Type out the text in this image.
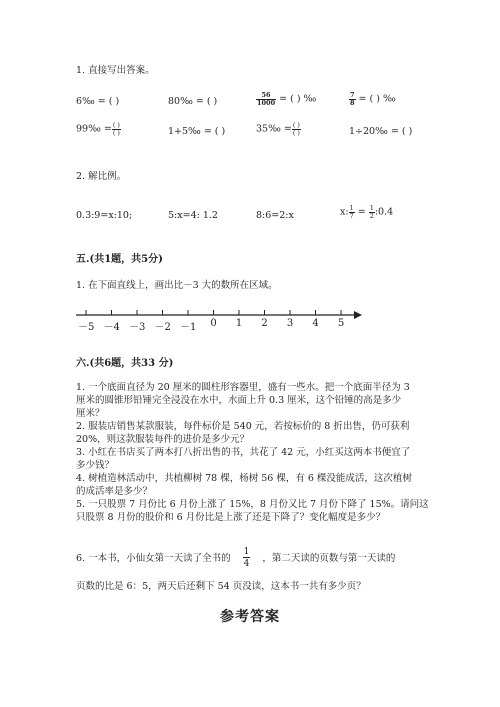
1. 直接写出答案。
6‰ = ( )	80‰ = ( )	$\frac{56}{1000}$ = ( ) ‰	$\frac{7}{8}$ = ( ) ‰
99‰ = $\frac{( )}{( )}$	1+5‰ = ( )	35‰ = $\frac{( )}{( )}$	1÷20‰ = ( )
2. 解比例。
0.3:9=x:10;	5:x=4: 1.2	8:6=2:x	x: $\frac{1}{7} = \frac{1}{2}$ :0.4
五.(共1题，共5分)
1. 在下面直线上，画出比－3 大的数所在区域。
－5 －4 －3 －2 －1	0	1	2	3	4	5
六.(共6题，共33 分)
1. 一个底面直径为 20 厘米的圆柱形容器里，盛有一些水。把一个底面半径为 3
厘米的圆锥形铅锤完全浸没在水中，水面上升 0.3 厘米，这个铅锤的高是多少
厘米？
2. 服装店销售某款服装，每件标价是 540 元，若按标价的 8 折出售，仍可获利
20%，则这款服装每件的进价是多少元？
3. 小红在书店买了两本打八折出售的书，共花了 42 元，小红买这两本书便宜了
多少钱？
4. 树植造林活动中，共植柳树 78 棵，杨树 56 棵，有 6 棵没能成活，这次植树
的成活率是多少？
5. 一只股票 7 月份比 6 月份上涨了 15%，8 月份又比 7 月份下降了 15%。请问这
只股票 8 月份的股价和 6 月份比是上涨了还是下降了？变化幅度是多少？
6. 一本书，小仙女第一天读了全书的 $\frac{1}{4}$ ，第二天读的页数与第一天读的
页数的比是 6：5，两天后还剩下 54 页没读，这本书一共有多少页？
参考答案
